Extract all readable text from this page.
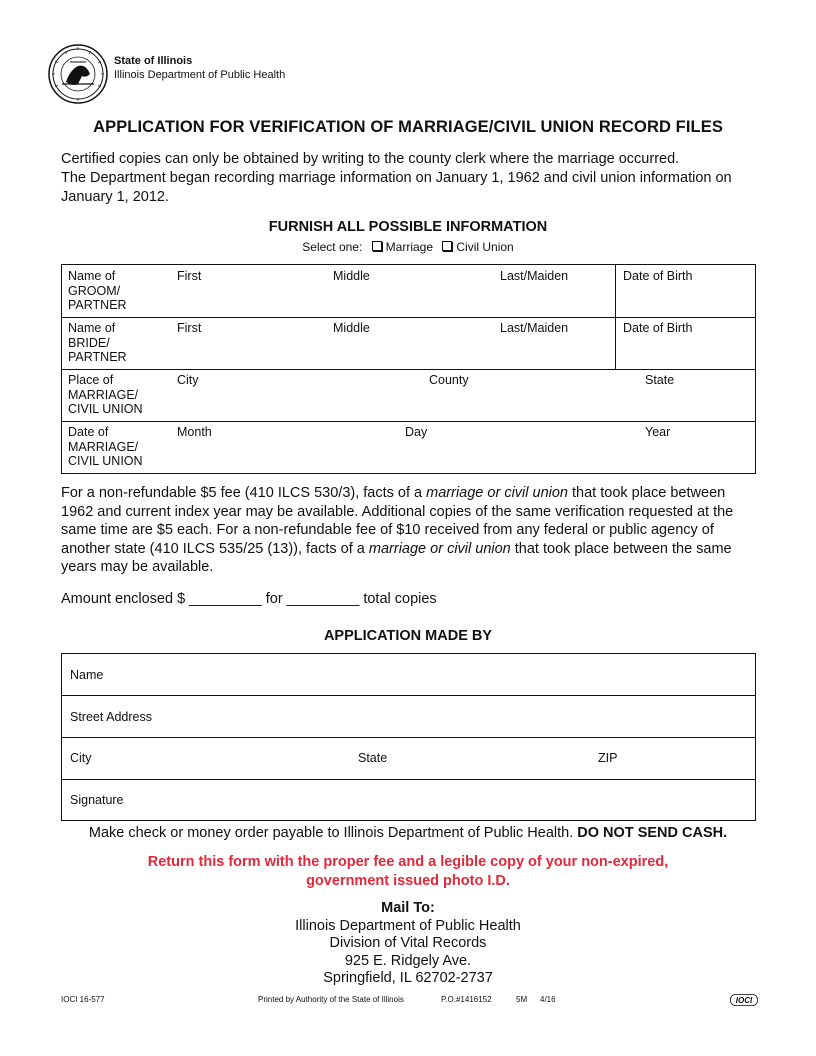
State of Illinois
Illinois Department of Public Health
APPLICATION FOR VERIFICATION OF MARRIAGE/CIVIL UNION RECORD FILES
Certified copies can only be obtained by writing to the county clerk where the marriage occurred.
The Department began recording marriage information on January 1, 1962 and civil union information on January 1, 2012.
FURNISH ALL POSSIBLE INFORMATION
Select one: Marriage Civil Union
Name of GROOM/ PARTNER
First	Middle	Last/Maiden	Date of Birth
Name of BRIDE/ PARTNER
First	Middle	Last/Maiden	Date of Birth
Place of MARRIAGE/ CIVIL UNION
City	County	State
Date of MARRIAGE/ CIVIL UNION
Month	Day	Year
For a non-refundable $5 fee (410 ILCS 530/3), facts of a marriage or civil union that took place between 1962 and current index year may be available. Additional copies of the same verification requested at the same time are $5 each. For a non-refundable fee of $10 received from any federal or public agency of another state (410 ILCS 535/25 (13)), facts of a marriage or civil union that took place between the same years may be available.
Amount enclosed $ _________ for _________ total copies
APPLICATION MADE BY
Name
Street Address
City	State	ZIP
Signature
Make check or money order payable to Illinois Department of Public Health. DO NOT SEND CASH.
Return this form with the proper fee and a legible copy of your non-expired,
government issued photo I.D.
Mail To:
Illinois Department of Public Health
Division of Vital Records
925 E. Ridgely Ave.
Springfield, IL 62702-2737
IOCI 16-577	Printed by Authority of the State of Illinois	P.O.#1416152	5M 4/16	IOCI
